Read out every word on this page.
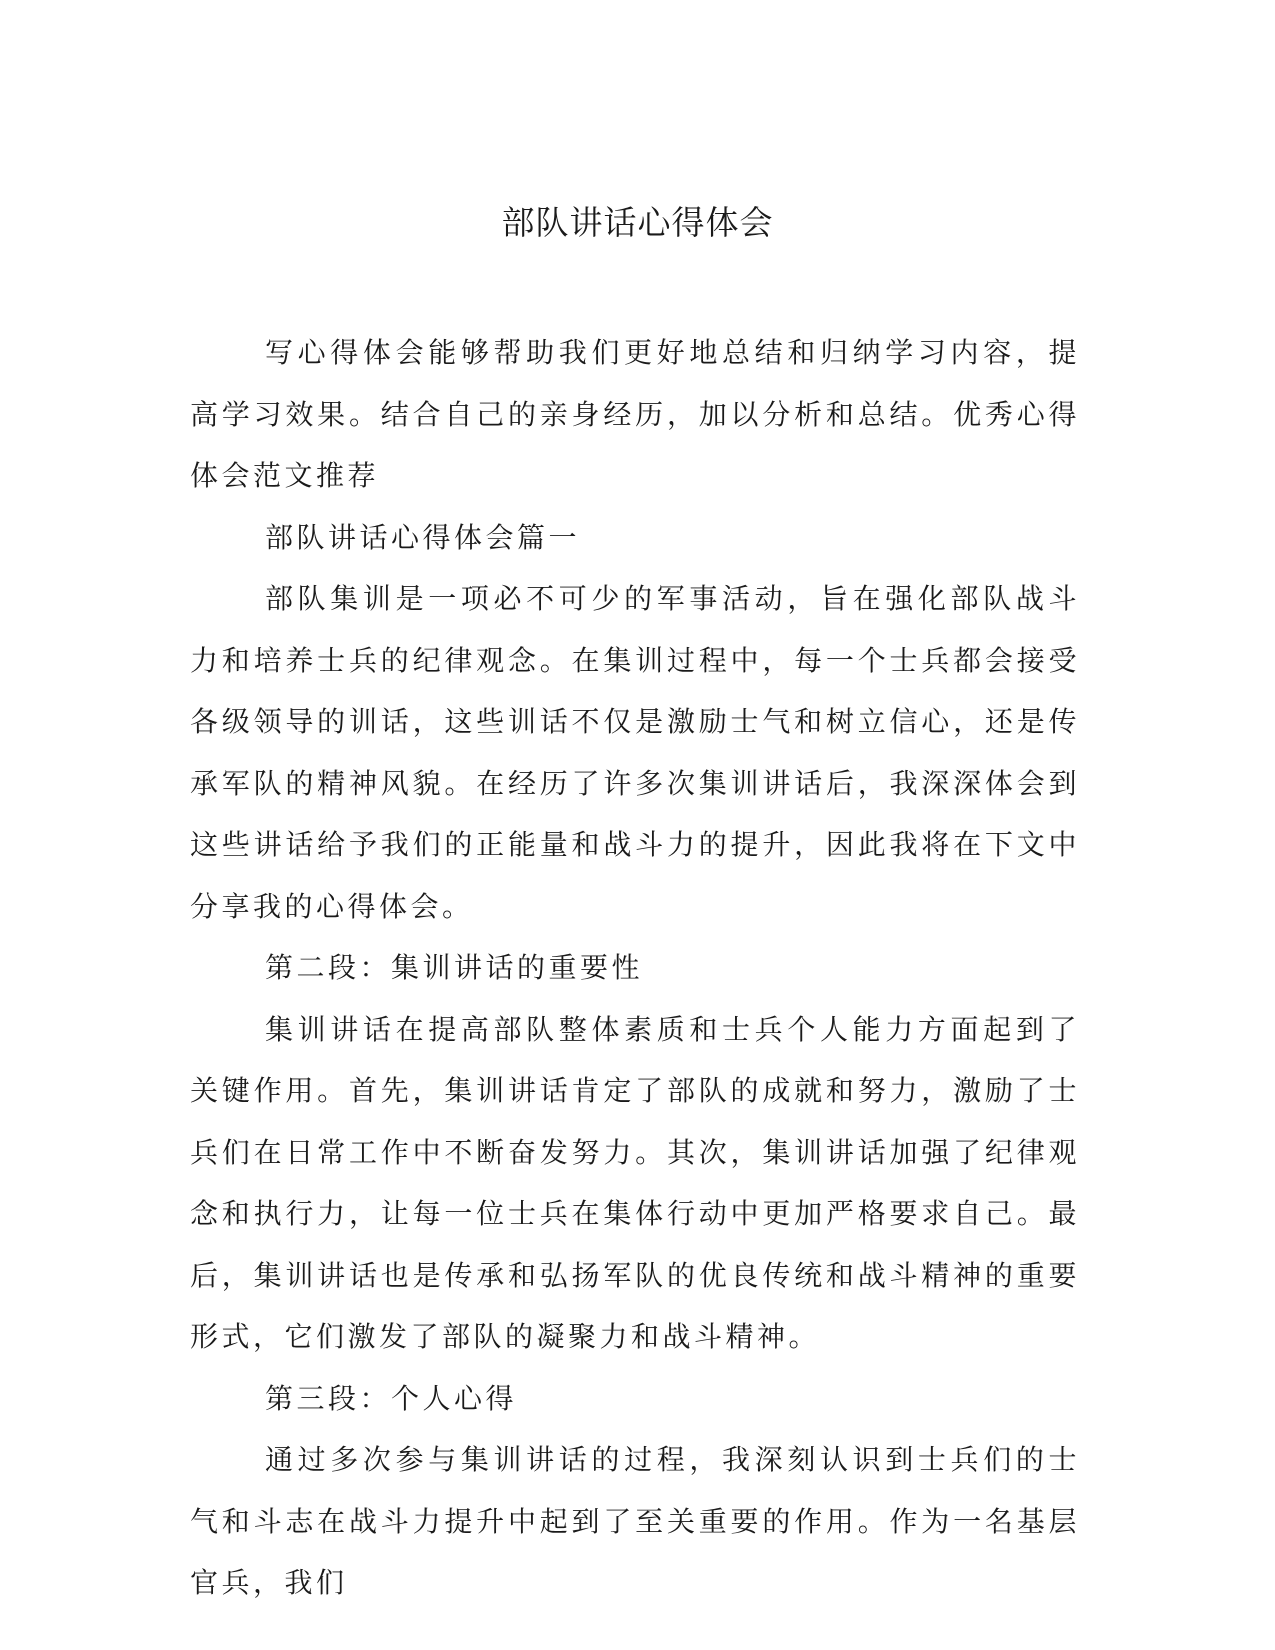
部队讲话心得体会

写心得体会能够帮助我们更好地总结和归纳学习内容，提高学习效果。结合自己的亲身经历，加以分析和总结。优秀心得体会范文推荐

部队讲话心得体会篇一

部队集训是一项必不可少的军事活动，旨在强化部队战斗力和培养士兵的纪律观念。在集训过程中，每一个士兵都会接受各级领导的训话，这些训话不仅是激励士气和树立信心，还是传承军队的精神风貌。在经历了许多次集训讲话后，我深深体会到这些讲话给予我们的正能量和战斗力的提升，因此我将在下文中分享我的心得体会。

第二段：集训讲话的重要性

集训讲话在提高部队整体素质和士兵个人能力方面起到了关键作用。首先，集训讲话肯定了部队的成就和努力，激励了士兵们在日常工作中不断奋发努力。其次，集训讲话加强了纪律观念和执行力，让每一位士兵在集体行动中更加严格要求自己。最后，集训讲话也是传承和弘扬军队的优良传统和战斗精神的重要形式，它们激发了部队的凝聚力和战斗精神。

第三段：个人心得

通过多次参与集训讲话的过程，我深刻认识到士兵们的士气和斗志在战斗力提升中起到了至关重要的作用。作为一名基层官兵，我们
